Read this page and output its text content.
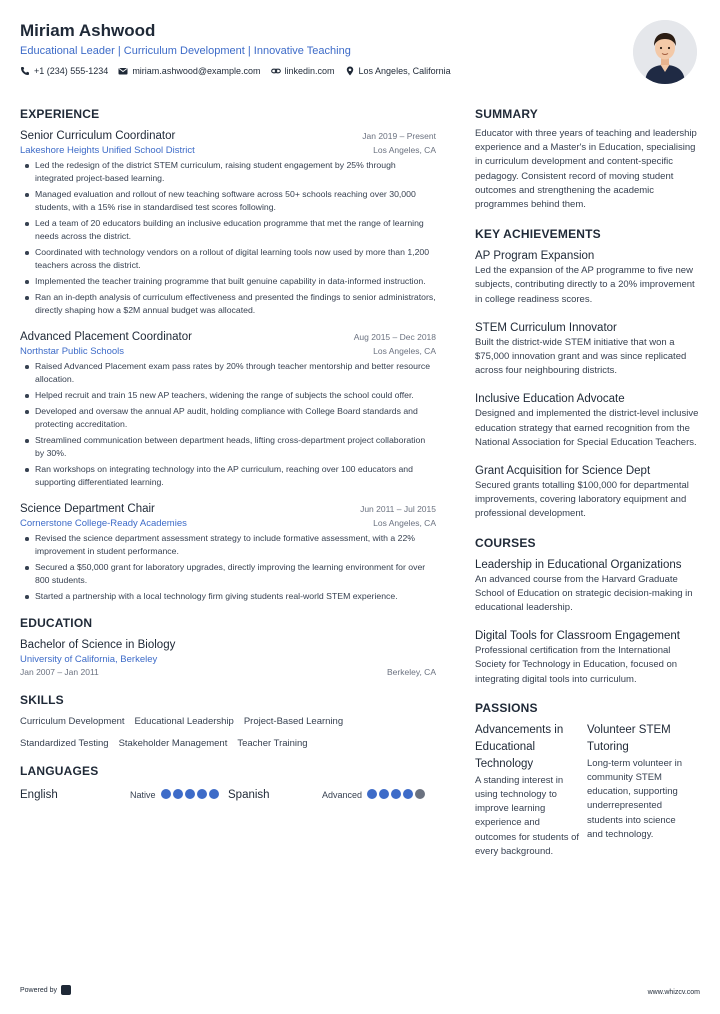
Miriam Ashwood
Educational Leader | Curriculum Development | Innovative Teaching
+1 (234) 555-1234	miriam.ashwood@example.com	linkedin.com	Los Angeles, California
EXPERIENCE
Senior Curriculum Coordinator	Jan 2019 – Present
Lakeshore Heights Unified School District	Los Angeles, CA
Led the redesign of the district STEM curriculum, raising student engagement by 25% through integrated project-based learning.
Managed evaluation and rollout of new teaching software across 50+ schools reaching over 30,000 students, with a 15% rise in standardised test scores following.
Led a team of 20 educators building an inclusive education programme that met the range of learning needs across the district.
Coordinated with technology vendors on a rollout of digital learning tools now used by more than 1,200 teachers across the district.
Implemented the teacher training programme that built genuine capability in data-informed instruction.
Ran an in-depth analysis of curriculum effectiveness and presented the findings to senior administrators, directly shaping how a $2M annual budget was allocated.
Advanced Placement Coordinator	Aug 2015 – Dec 2018
Northstar Public Schools	Los Angeles, CA
Raised Advanced Placement exam pass rates by 20% through teacher mentorship and better resource allocation.
Helped recruit and train 15 new AP teachers, widening the range of subjects the school could offer.
Developed and oversaw the annual AP audit, holding compliance with College Board standards and protecting accreditation.
Streamlined communication between department heads, lifting cross-department project collaboration by 30%.
Ran workshops on integrating technology into the AP curriculum, reaching over 100 educators and supporting differentiated learning.
Science Department Chair	Jun 2011 – Jul 2015
Cornerstone College-Ready Academies	Los Angeles, CA
Revised the science department assessment strategy to include formative assessment, with a 22% improvement in student performance.
Secured a $50,000 grant for laboratory upgrades, directly improving the learning environment for over 800 students.
Started a partnership with a local technology firm giving students real-world STEM experience.
EDUCATION
Bachelor of Science in Biology
University of California, Berkeley
Jan 2007 – Jan 2011	Berkeley, CA
SKILLS
Curriculum Development Educational Leadership Project-Based Learning
Standardized Testing Stakeholder Management Teacher Training
LANGUAGES
English	Native	Spanish	Advanced
SUMMARY
Educator with three years of teaching and leadership experience and a Master's in Education, specialising in curriculum development and content-specific pedagogy. Consistent record of moving student outcomes and strengthening the academic programmes behind them.
KEY ACHIEVEMENTS
AP Program Expansion
Led the expansion of the AP programme to five new subjects, contributing directly to a 20% improvement in college readiness scores.
STEM Curriculum Innovator
Built the district-wide STEM initiative that won a $75,000 innovation grant and was since replicated across four neighbouring districts.
Inclusive Education Advocate
Designed and implemented the district-level inclusive education strategy that earned recognition from the National Association for Special Education Teachers.
Grant Acquisition for Science Dept
Secured grants totalling $100,000 for departmental improvements, covering laboratory equipment and professional development.
COURSES
Leadership in Educational Organizations
An advanced course from the Harvard Graduate School of Education on strategic decision-making in educational leadership.
Digital Tools for Classroom Engagement
Professional certification from the International Society for Technology in Education, focused on integrating digital tools into curriculum.
PASSIONS
Advancements in Educational Technology
A standing interest in using technology to improve learning experience and outcomes for students of every background.
Volunteer STEM Tutoring
Long-term volunteer in community STEM education, supporting underrepresented students into science and technology.
Powered by	www.whizcv.com
